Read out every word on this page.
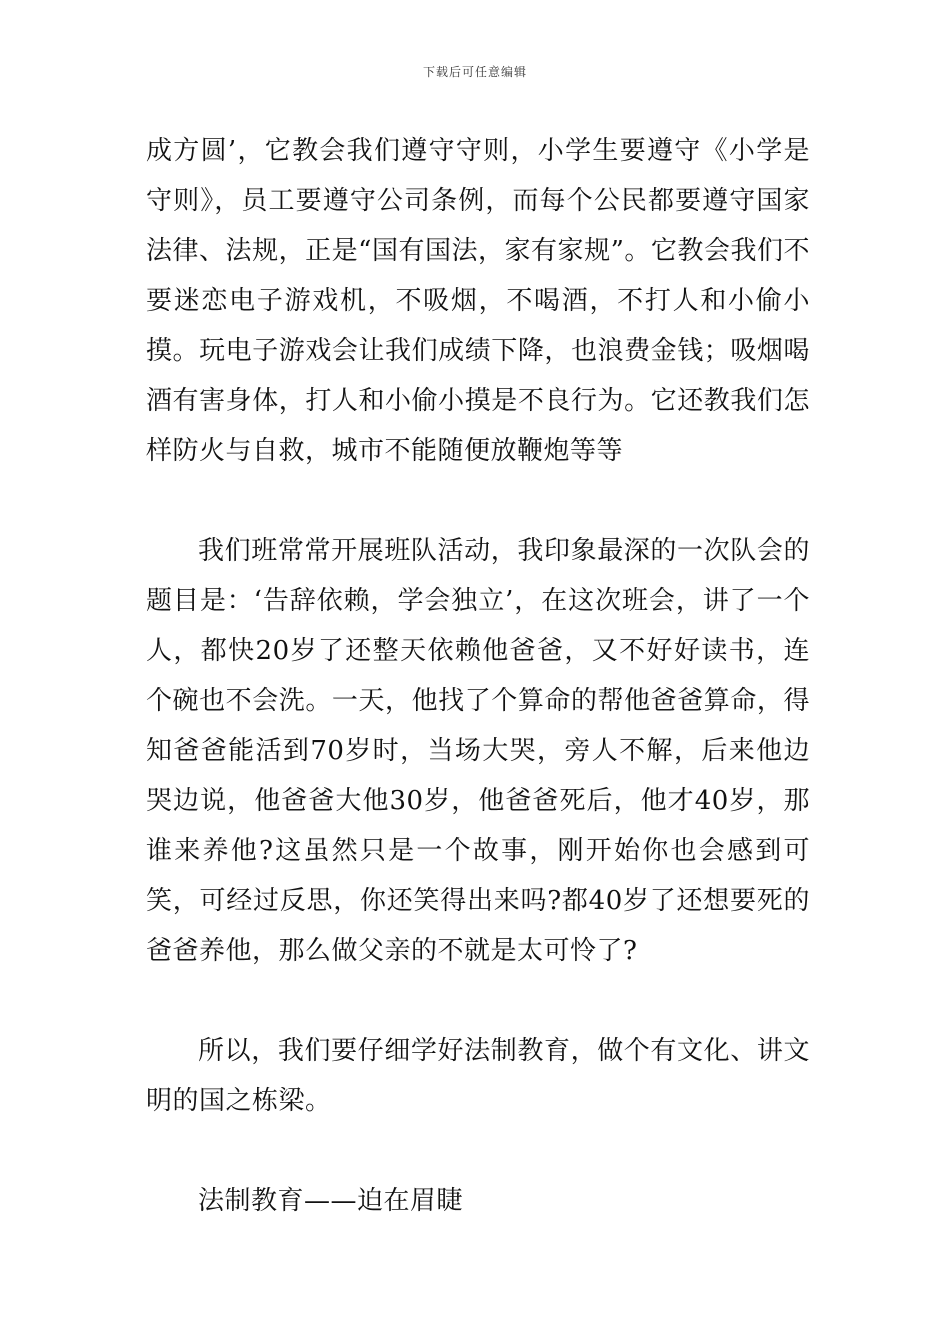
下载后可任意编辑

成方圆’，它教会我们遵守守则，小学生要遵守《小学是守则》，员工要遵守公司条例，而每个公民都要遵守国家法律、法规，正是“国有国法，家有家规”。它教会我们不要迷恋电子游戏机，不吸烟，不喝酒，不打人和小偷小摸。玩电子游戏会让我们成绩下降，也浪费金钱；吸烟喝酒有害身体，打人和小偷小摸是不良行为。它还教我们怎样防火与自救，城市不能随便放鞭炮等等

我们班常常开展班队活动，我印象最深的一次队会的题目是：‘告辞依赖，学会独立’，在这次班会，讲了一个人，都快20岁了还整天依赖他爸爸，又不好好读书，连个碗也不会洗。一天，他找了个算命的帮他爸爸算命，得知爸爸能活到70岁时，当场大哭，旁人不解，后来他边哭边说，他爸爸大他30岁，他爸爸死后，他才40岁，那谁来养他?这虽然只是一个故事，刚开始你也会感到可笑，可经过反思，你还笑得出来吗?都40岁了还想要死的爸爸养他，那么做父亲的不就是太可怜了?

所以，我们要仔细学好法制教育，做个有文化、讲文明的国之栋梁。

法制教育——迫在眉睫
